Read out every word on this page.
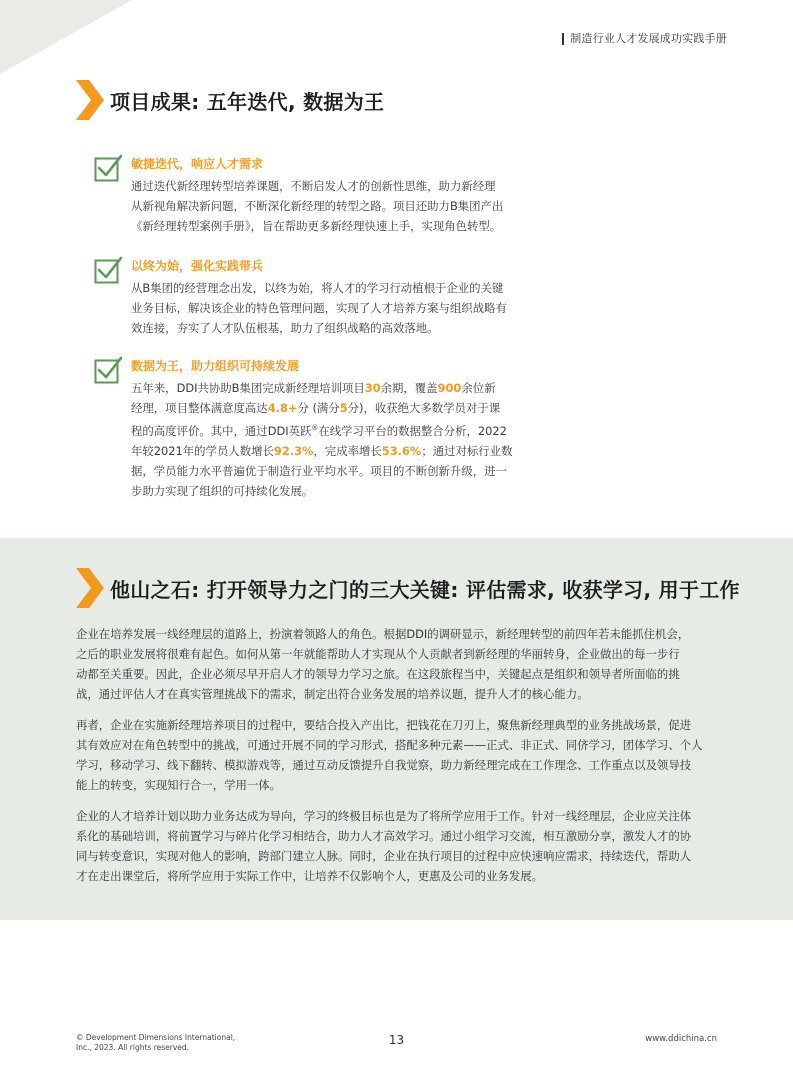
制造行业人才发展成功实践手册
项目成果: 五年迭代, 数据为王
敏捷迭代，响应人才需求

通过迭代新经理转型培养课题，不断启发人才的创新性思维，助力新经理
从新视角解决新问题，不断深化新经理的转型之路。项目还助力B集团产出
《新经理转型案例手册》，旨在帮助更多新经理快速上手，实现角色转型。

以终为始，强化实践带兵

从B集团的经营理念出发，以终为始，将人才的学习行动植根于企业的关键
业务目标，解决该企业的特色管理问题，实现了人才培养方案与组织战略有
效连接，夯实了人才队伍根基，助力了组织战略的高效落地。

数据为王，助力组织可持续发展

五年来，DDI共协助B集团完成新经理培训项目30余期，覆盖900余位新
经理，项目整体满意度高达4.8+分 (满分5分)，收获绝大多数学员对于课
程的高度评价。其中，通过DDI英跃®在线学习平台的数据整合分析，2022
年较2021年的学员人数增长92.3%，完成率增长53.6%；通过对标行业数
据，学员能力水平普遍优于制造行业平均水平。项目的不断创新升级，进一
步助力实现了组织的可持续化发展。

他山之石: 打开领导力之门的三大关键: 评估需求, 收获学习, 用于工作

企业在培养发展一线经理层的道路上，扮演着领路人的角色。根据DDI的调研显示，新经理转型的前四年若未能抓住机会，
之后的职业发展将很难有起色。如何从第一年就能帮助人才实现从个人贡献者到新经理的华丽转身，企业做出的每一步行
动都至关重要。因此，企业必须尽早开启人才的领导力学习之旅。在这段旅程当中，关键起点是组织和领导者所面临的挑
战，通过评估人才在真实管理挑战下的需求，制定出符合业务发展的培养议题，提升人才的核心能力。

再者，企业在实施新经理培养项目的过程中，要结合投入产出比，把钱花在刀刃上，聚焦新经理典型的业务挑战场景，促进
其有效应对在角色转型中的挑战，可通过开展不同的学习形式，搭配多种元素——正式、非正式、同侪学习，团体学习、个人
学习，移动学习、线下翻转、模拟游戏等，通过互动反馈提升自我觉察，助力新经理完成在工作理念、工作重点以及领导技
能上的转变，实现知行合一，学用一体。

企业的人才培养计划以助力业务达成为导向，学习的终极目标也是为了将所学应用于工作。针对一线经理层，企业应关注体
系化的基础培训，将前置学习与碎片化学习相结合，助力人才高效学习。通过小组学习交流，相互激励分享，激发人才的协
同与转变意识，实现对他人的影响，跨部门建立人脉。同时，企业在执行项目的过程中应快速响应需求，持续迭代，帮助人
才在走出课堂后，将所学应用于实际工作中，让培养不仅影响个人，更惠及公司的业务发展。

© Development Dimensions International,
Inc., 2023. All rights reserved.
13	www.ddichina.cn
